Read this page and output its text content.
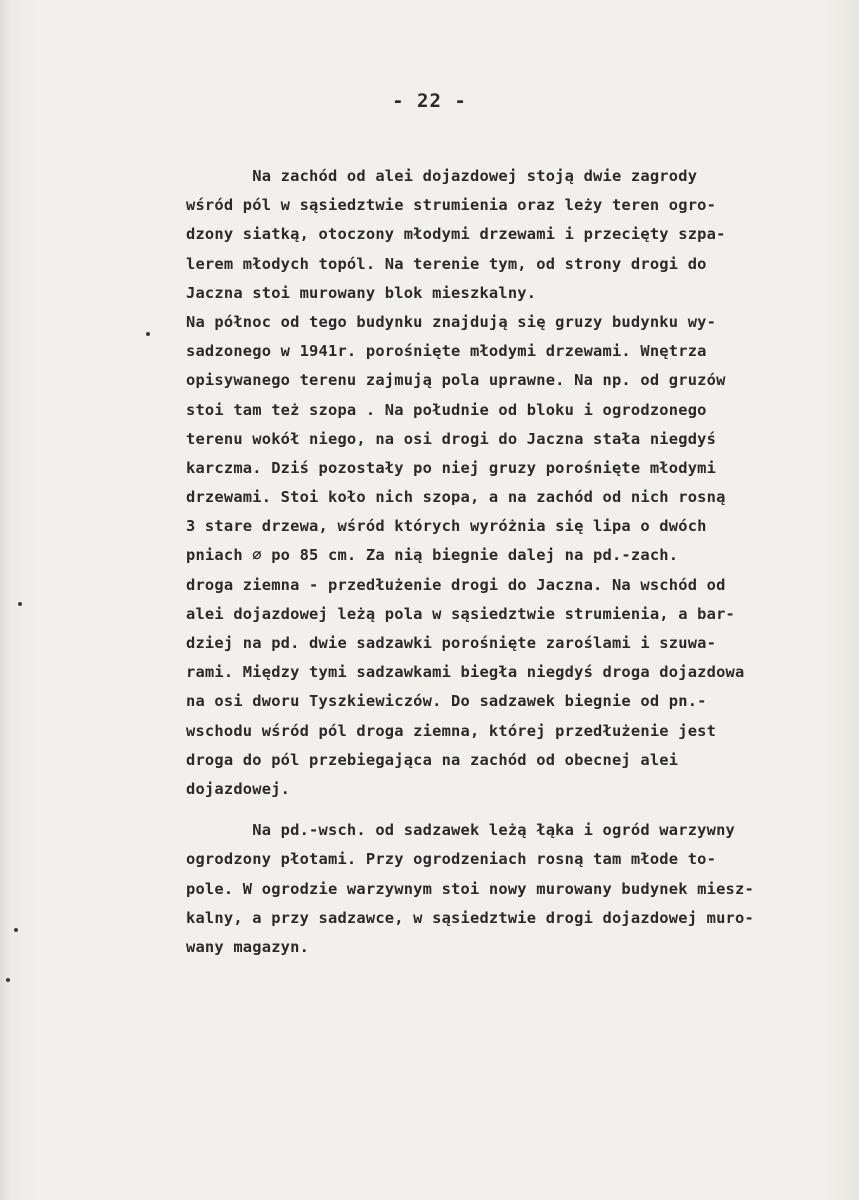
- 22 -
Na zachód od alei dojazdowej stoją dwie zagrody
wśród pól w sąsiedztwie strumienia oraz leży teren ogro-
dzony siatką, otoczony młodymi drzewami i przecięty szpa-
lerem młodych topól. Na terenie tym, od strony drogi do
Jaczna stoi murowany blok mieszkalny.
Na północ od tego budynku znajdują się gruzy budynku wy-
sadzonego w 1941r. porośnięte młodymi drzewami. Wnętrza
opisywanego terenu zajmują pola uprawne. Na np. od gruzów
stoi tam też szopa . Na południe od bloku i ogrodzonego
terenu wokół niego, na osi drogi do Jaczna stała niegdyś
karczma. Dziś pozostały po niej gruzy porośnięte młodymi
drzewami. Stoi koło nich szopa, a na zachód od nich rosną
3 stare drzewa, wśród których wyróżnia się lipa o dwóch
pniach ∅ po 85 cm. Za nią biegnie dalej na pd.-zach.
droga ziemna - przedłużenie drogi do Jaczna. Na wschód od
alei dojazdowej leżą pola w sąsiedztwie strumienia, a bar-
dziej na pd. dwie sadzawki porośnięte zaroślami i szuwa-
rami. Między tymi sadzawkami biegła niegdyś droga dojazdowa
na osi dworu Tyszkiewiczów. Do sadzawek biegnie od pn.-
wschodu wśród pól droga ziemna, której przedłużenie jest
droga do pól przebiegająca na zachód od obecnej alei
dojazdowej.
Na pd.-wsch. od sadzawek leżą łąka i ogród warzywny
ogrodzony płotami. Przy ogrodzeniach rosną tam młode to-
pole. W ogrodzie warzywnym stoi nowy murowany budynek miesz-
kalny, a przy sadzawce, w sąsiedztwie drogi dojazdowej muro-
wany magazyn.
